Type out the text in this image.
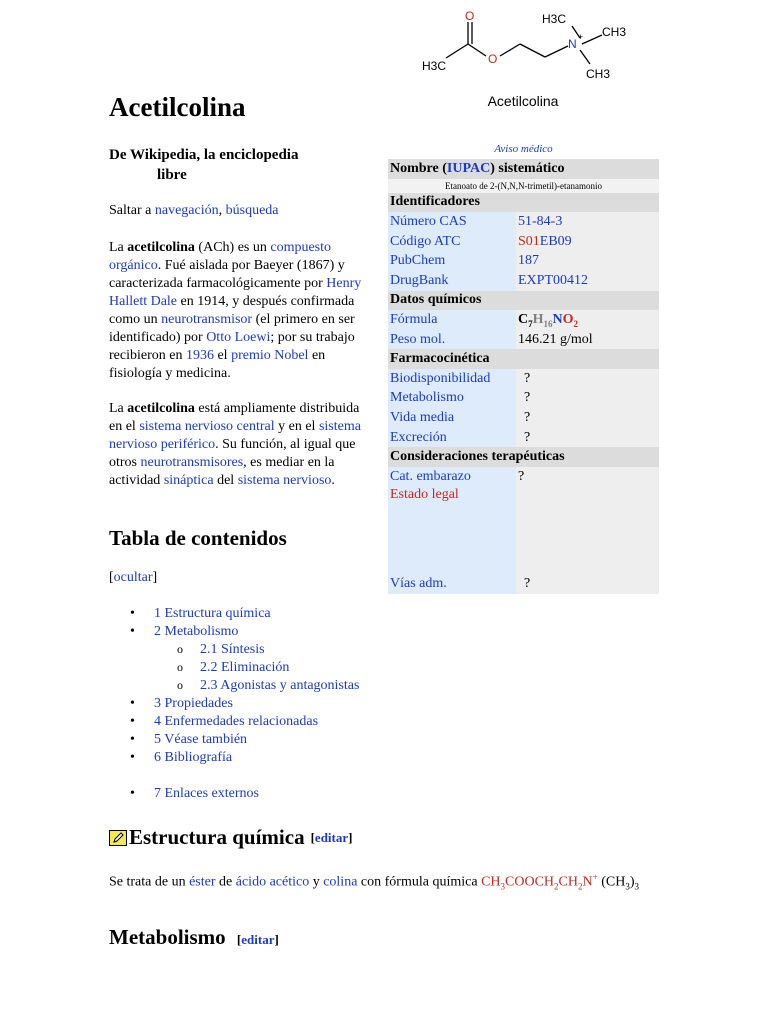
O
O
H3C
N +
H3C
CH3
CH3
Acetilcolina
Acetilcolina
De Wikipedia, la enciclopedia
libre
Saltar a navegación, búsqueda
La acetilcolina (ACh) es un compuesto orgánico. Fué aislada por Baeyer (1867) y caracterizada farmacológicamente por Henry Hallett Dale en 1914, y después confirmada como un neurotransmisor (el primero en ser identificado) por Otto Loewi; por su trabajo recibieron en 1936 el premio Nobel en fisiología y medicina.
La acetilcolina está ampliamente distribuida en el sistema nervioso central y en el sistema nervioso periférico. Su función, al igual que otros neurotransmisores, es mediar en la actividad sináptica del sistema nervioso.
Tabla de contenidos
[ocultar]
• 1 Estructura química
• 2 Metabolismo
o 2.1 Síntesis
o 2.2 Eliminación
o 2.3 Agonistas y antagonistas
• 3 Propiedades
• 4 Enfermedades relacionadas
• 5 Véase también
• 6 Bibliografía
• 7 Enlaces externos
Estructura química [editar]
Se trata de un éster de ácido acético y colina con fórmula química $CH_3COOCH_2CH_2N^+$ $(CH_3)_3$
Metabolismo [editar]
Aviso médico
Nombre (IUPAC) sistemático	
Etanoato de 2-(N,N,N-trimetil)-etanamonio	
Identificadores	
Número CAS	51-84-3
Código ATC	S01EB09
PubChem	187
DrugBank	EXPT00412
Datos químicos	
Fórmula	$C_7H_{16}NO_2$
Peso mol.	146.21 g/mol
Farmacocinética	
Biodisponibilidad	?
Metabolismo	?
Vida media	?
Excreción	?
Consideraciones terapéuticas	
Cat. embarazo	?
Estado legal	
Vías adm.	?
